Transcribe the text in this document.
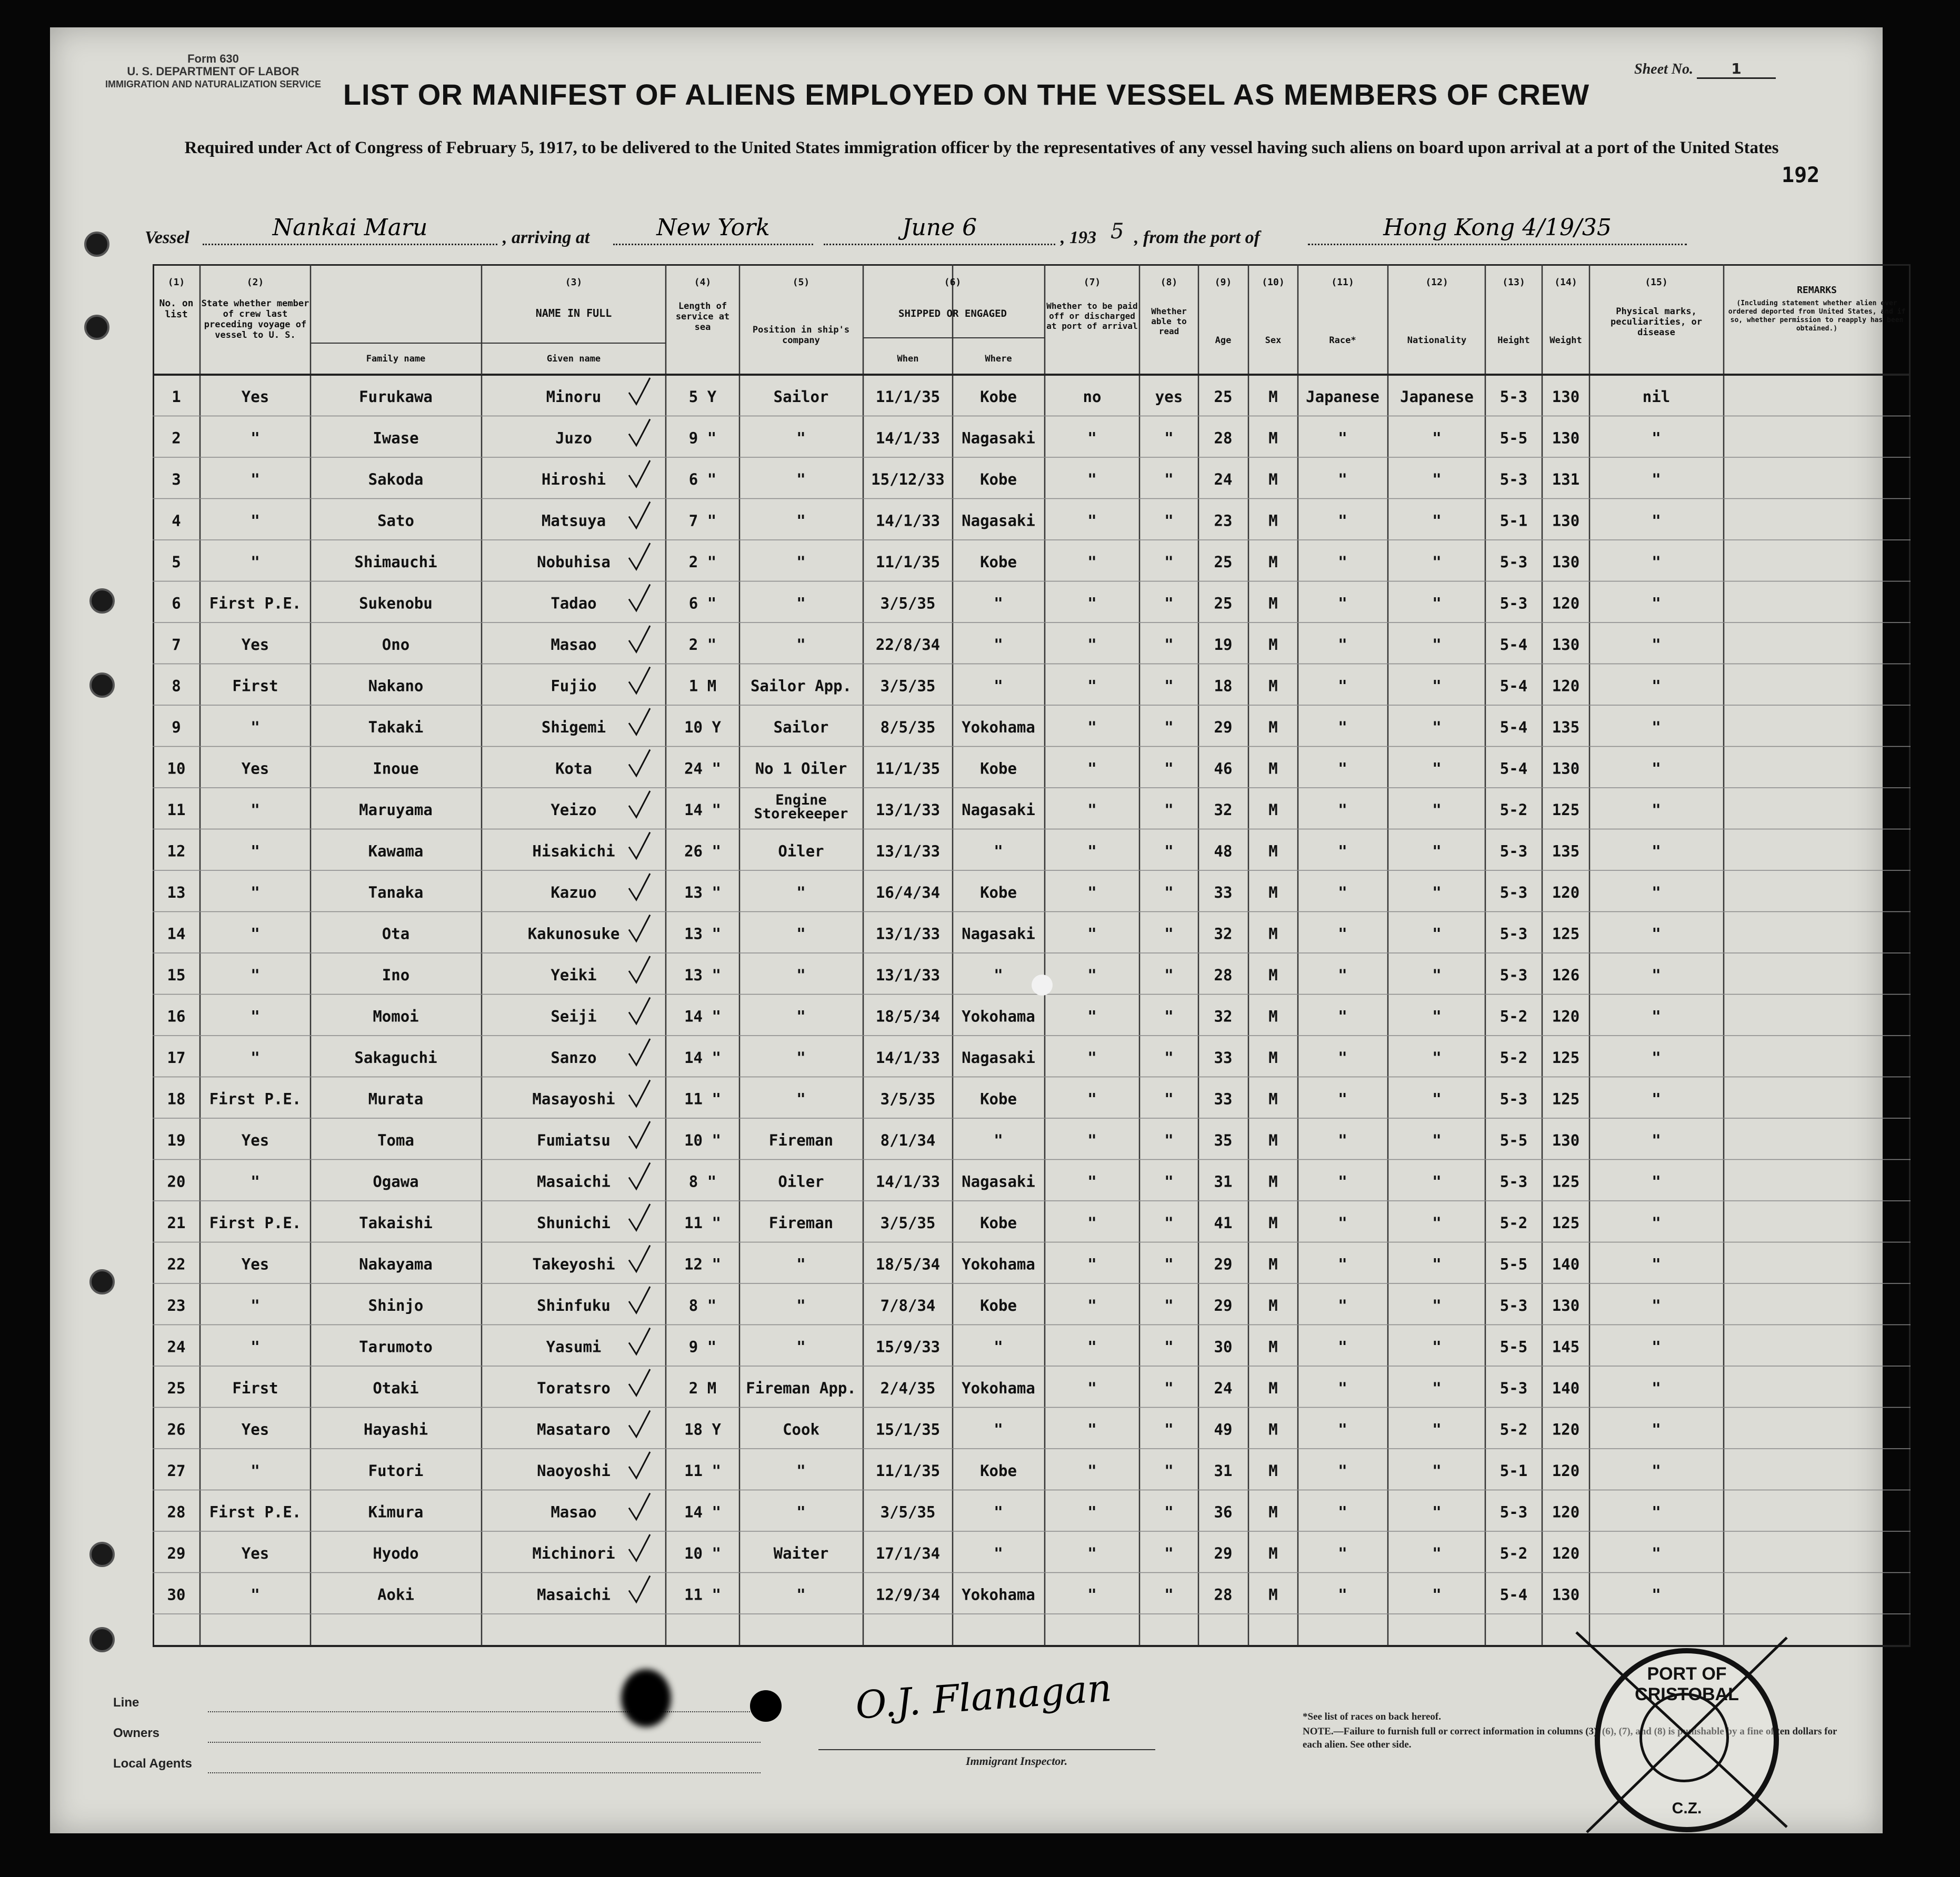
Form 630
U. S. DEPARTMENT OF LABOR
IMMIGRATION AND NATURALIZATION SERVICE
Sheet No.	1
LIST OR MANIFEST OF ALIENS EMPLOYED ON THE VESSEL AS MEMBERS OF CREW
Required under Act of Congress of February 5, 1917, to be delivered to the United States immigration officer by the representatives of any vessel having such aliens on board upon arrival at a port of the United States
192
Vessel	Nankai Maru	, arriving at	New York	June 6	, 193 5 , from the port of	Hong Kong 4/19/35
(1)	(2)	(3)	(4)	(5)	(6)	(7)	(8)	(9)	(10)	(11)	(12)	(13)	(14)	(15)
No. on
list
State whether member
of crew last
preceding voyage of
vessel to U. S.
NAME IN FULL
Family name	Given name
Length of
service at
sea	Position in ship's
company
SHIPPED OR ENGAGED
When	Where
Whether to be paid
off or discharged
at port of arrival
Whether
able to
read
Age	Sex	Race*	Nationality	Height Weight
Physical marks,
peculiarities, or
disease
REMARKS
(Including statement whether alien ever
ordered deported from United States, and if
so, whether permission to reapply has been
obtained.)
1	Yes	Furukawa	Minoru	5 Y	Sailor	11/1/35	Kobe	no	yes 25 M Japanese Japanese 5-3 130	nil
2	"	Iwase	Juzo	9 "	"	14/1/33 Nagasaki	"	"	28 M	"	"	5-5 130	"
3	"	Sakoda	Hiroshi	6 "	"	15/12/33 Kobe	"	"	24 M	"	"	5-3 131	"
4	"	Sato	Matsuya	7 "	"	14/1/33 Nagasaki	"	"	23 M	"	"	5-1 130	"
5	"	Shimauchi	Nobuhisa	2 "	"	11/1/35	Kobe	"	"	25 M	"	"	5-3 130	"
6 First P.E.	Sukenobu	Tadao	6 "	"	3/5/35	"	"	"	25 M	"	"	5-3 120	"
7	Yes	Ono	Masao	2 "	"	22/8/34	"	"	"	19 M	"	"	5-4 130	"
8	First	Nakano	Fujio	1 M Sailor App. 3/5/35	"	"	"	18 M	"	"	5-4 120	"
9	"	Takaki	Shigemi	10 Y	Sailor	8/5/35 Yokohama	"	"	29 M	"	"	5-4 135	"
10	Yes	Inoue	Kota	24 " No 1 Oiler 11/1/35	Kobe	"	"	46 M	"	"	5-4 130	"
11	"	Maruyama	Yeizo	14 "
Engine
Storekeeper 13/1/33 Nagasaki	"	"	32 M	"	"	5-2 125	"
12	"	Kawama	Hisakichi	26 "	Oiler	13/1/33	"	"	"	48 M	"	"	5-3 135	"
13	"	Tanaka	Kazuo	13 "	"	16/4/34	Kobe	"	"	33 M	"	"	5-3 120	"
14	"	Ota	Kakunosuke	13 "	"	13/1/33 Nagasaki	"	"	32 M	"	"	5-3 125	"
15	"	Ino	Yeiki	13 "	"	13/1/33	"	"	"	28 M	"	"	5-3 126	"
16	"	Momoi	Seiji	14 "	"	18/5/34 Yokohama	"	"	32 M	"	"	5-2 120	"
17	"	Sakaguchi	Sanzo	14 "	"	14/1/33 Nagasaki	"	"	33 M	"	"	5-2 125	"
18 First P.E.	Murata	Masayoshi	11 "	"	3/5/35	Kobe	"	"	33 M	"	"	5-3 125	"
19	Yes	Toma	Fumiatsu	10 "	Fireman	8/1/34	"	"	"	35 M	"	"	5-5 130	"
20	"	Ogawa	Masaichi	8 "	Oiler	14/1/33 Nagasaki	"	"	31 M	"	"	5-3 125	"
21 First P.E.	Takaishi	Shunichi	11 "	Fireman	3/5/35	Kobe	"	"	41 M	"	"	5-2 125	"
22	Yes	Nakayama	Takeyoshi	12 "	"	18/5/34 Yokohama	"	"	29 M	"	"	5-5 140	"
23	"	Shinjo	Shinfuku	8 "	"	7/8/34	Kobe	"	"	29 M	"	"	5-3 130	"
24	"	Tarumoto	Yasumi	9 "	"	15/9/33	"	"	"	30 M	"	"	5-5 145	"
25	First	Otaki	Toratsro	2 M Fireman App. 2/4/35 Yokohama	"	"	24 M	"	"	5-3 140	"
26	Yes	Hayashi	Masataro	18 Y	Cook	15/1/35	"	"	"	49 M	"	"	5-2 120	"
27	"	Futori	Naoyoshi	11 "	"	11/1/35	Kobe	"	"	31 M	"	"	5-1 120	"
28 First P.E.	Kimura	Masao	14 "	"	3/5/35	"	"	"	36 M	"	"	5-3 120	"
29	Yes	Hyodo	Michinori	10 "	Waiter	17/1/34	"	"	"	29 M	"	"	5-2 120	"
30	"	Aoki	Masaichi	11 "	"	12/9/34 Yokohama	"	"	28 M	"	"	5-4 130	"
Line
Owners
Local Agents
O.J. Flanagan
Immigrant Inspector.
*See list of races on back hereof.
NOTE.—Failure to furnish full or correct information in columns (3), (6), (7), and (8) is punishable by a fine of ten dollars for each alien. See other side.
PORT OF CRISTOBAL
C.Z.
